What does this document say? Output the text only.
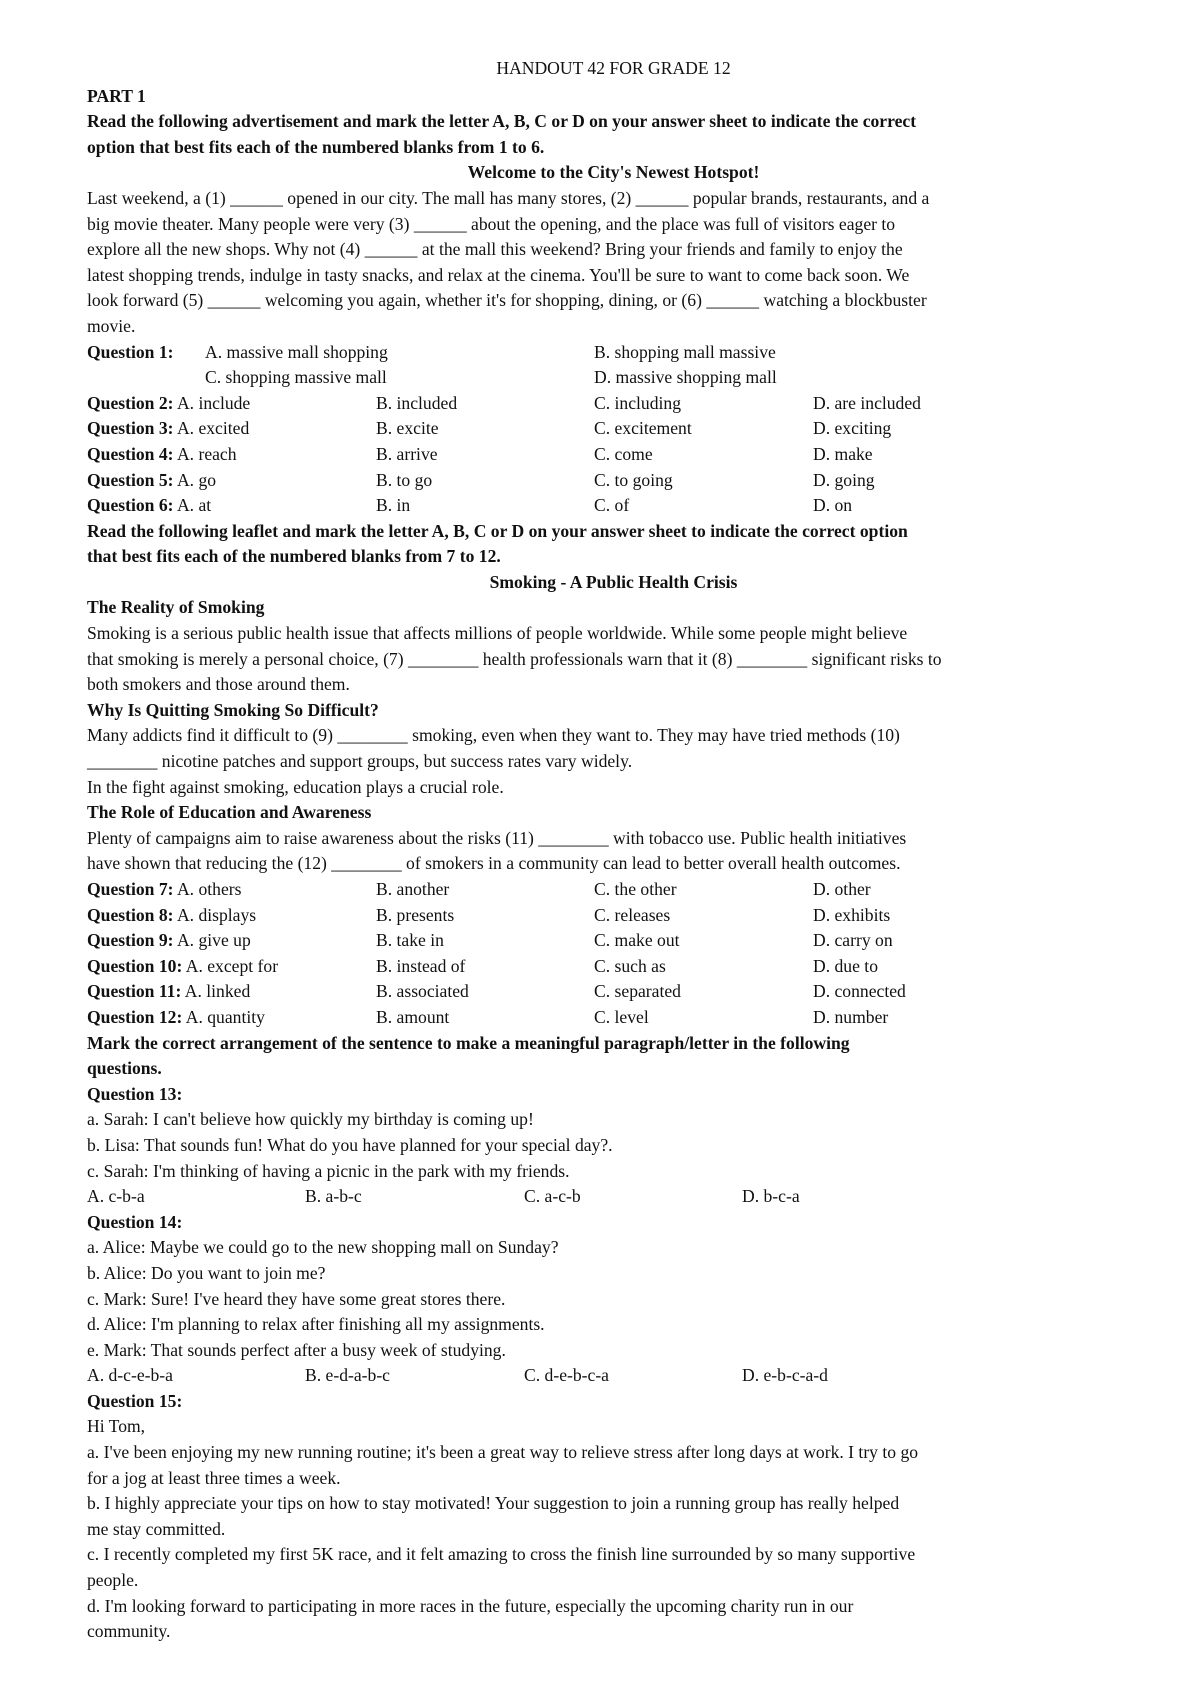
HANDOUT 42 FOR GRADE 12
PART 1
Read the following advertisement and mark the letter A, B, C or D on your answer sheet to indicate the correct
option that best fits each of the numbered blanks from 1 to 6.
Welcome to the City's Newest Hotspot!
Last weekend, a (1) ______ opened in our city. The mall has many stores, (2) ______ popular brands, restaurants, and a
big movie theater. Many people were very (3) ______ about the opening, and the place was full of visitors eager to
explore all the new shops. Why not (4) ______ at the mall this weekend? Bring your friends and family to enjoy the
latest shopping trends, indulge in tasty snacks, and relax at the cinema. You'll be sure to want to come back soon. We
look forward (5) ______ welcoming you again, whether it's for shopping, dining, or (6) ______ watching a blockbuster
movie.
Question 1: A. massive mall shopping	B. shopping mall massive
C. shopping massive mall	D. massive shopping mall
Question 2: A. include	B. included	C. including	D. are included
Question 3: A. excited	B. excite	C. excitement	D. exciting
Question 4: A. reach	B. arrive	C. come	D. make
Question 5: A. go	B. to go	C. to going	D. going
Question 6: A. at	B. in	C. of	D. on
Read the following leaflet and mark the letter A, B, C or D on your answer sheet to indicate the correct option
that best fits each of the numbered blanks from 7 to 12.
Smoking - A Public Health Crisis
The Reality of Smoking
Smoking is a serious public health issue that affects millions of people worldwide. While some people might believe
that smoking is merely a personal choice, (7) ________ health professionals warn that it (8) ________ significant risks to
both smokers and those around them.
Why Is Quitting Smoking So Difficult?
Many addicts find it difficult to (9) ________ smoking, even when they want to. They may have tried methods (10)
________ nicotine patches and support groups, but success rates vary widely.
In the fight against smoking, education plays a crucial role.
The Role of Education and Awareness
Plenty of campaigns aim to raise awareness about the risks (11) ________ with tobacco use. Public health initiatives
have shown that reducing the (12) ________ of smokers in a community can lead to better overall health outcomes.
Question 7: A. others	B. another	C. the other	D. other
Question 8: A. displays	B. presents	C. releases	D. exhibits
Question 9: A. give up	B. take in	C. make out	D. carry on
Question 10: A. except for	B. instead of	C. such as	D. due to
Question 11: A. linked	B. associated	C. separated	D. connected
Question 12: A. quantity	B. amount	C. level	D. number
Mark the correct arrangement of the sentence to make a meaningful paragraph/letter in the following
questions.
Question 13:
a. Sarah: I can't believe how quickly my birthday is coming up!
b. Lisa: That sounds fun! What do you have planned for your special day?.
c. Sarah: I'm thinking of having a picnic in the park with my friends.
A. c-b-a	B. a-b-c	C. a-c-b	D. b-c-a
Question 14:
a. Alice: Maybe we could go to the new shopping mall on Sunday?
b. Alice: Do you want to join me?
c. Mark: Sure! I've heard they have some great stores there.
d. Alice: I'm planning to relax after finishing all my assignments.
e. Mark: That sounds perfect after a busy week of studying.
A. d-c-e-b-a	B. e-d-a-b-c	C. d-e-b-c-a	D. e-b-c-a-d
Question 15:
Hi Tom,
a. I've been enjoying my new running routine; it's been a great way to relieve stress after long days at work. I try to go
for a jog at least three times a week.
b. I highly appreciate your tips on how to stay motivated! Your suggestion to join a running group has really helped
me stay committed.
c. I recently completed my first 5K race, and it felt amazing to cross the finish line surrounded by so many supportive
people.
d. I'm looking forward to participating in more races in the future, especially the upcoming charity run in our
community.
